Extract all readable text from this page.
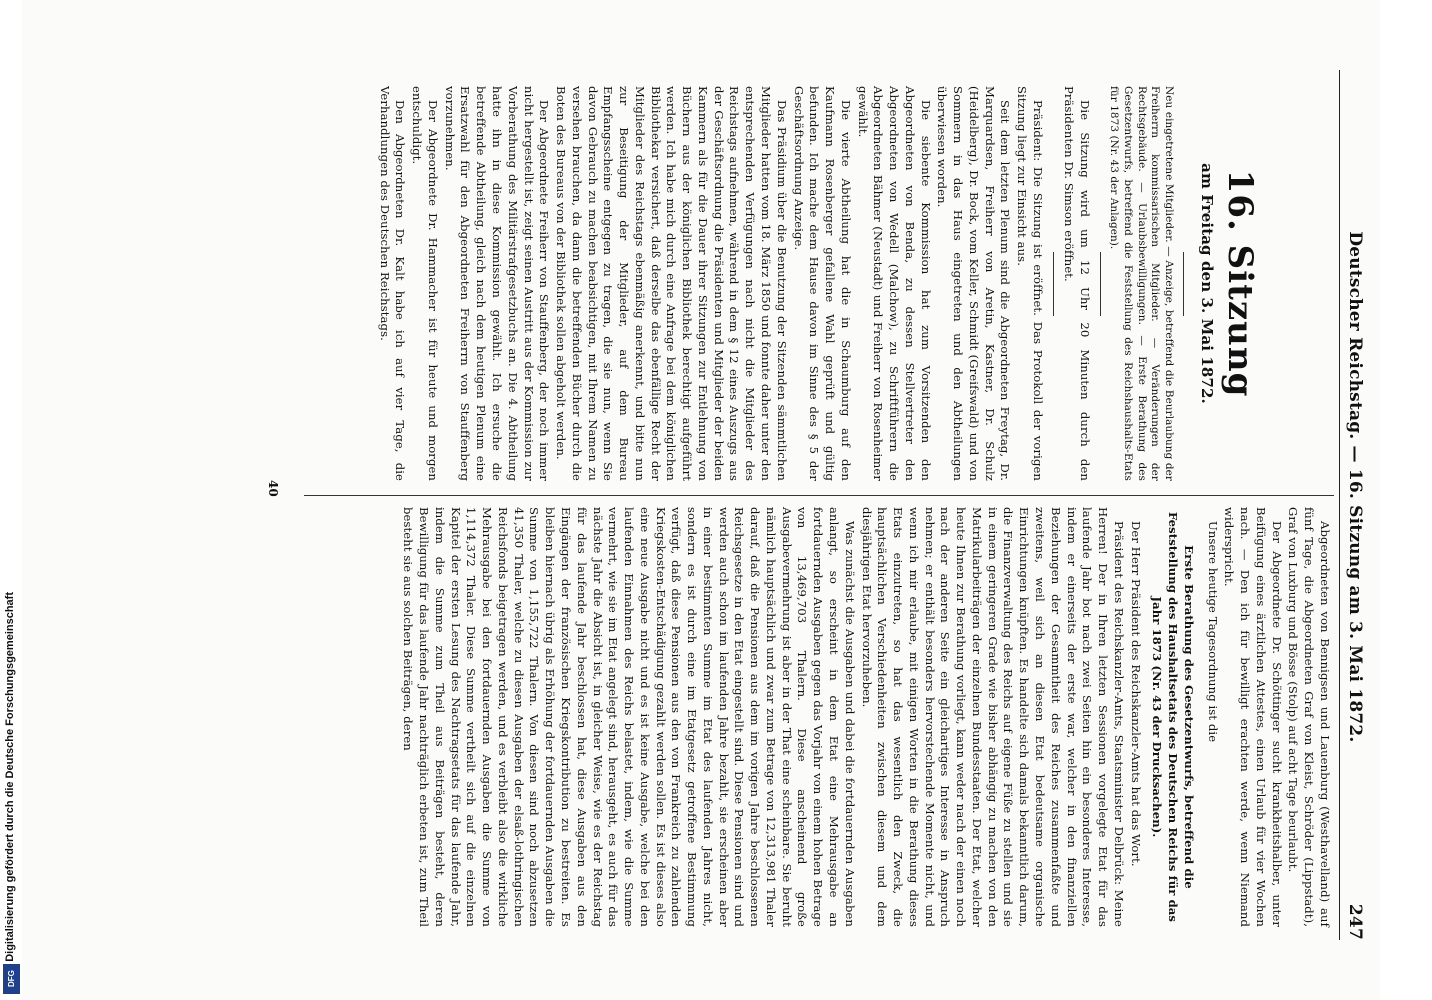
Deutscher Reichstag. — 16. Sitzung am 3. Mai 1872.
247
16. Sitzung
am Freitag den 3. Mai 1872.

Neu eingetretene Mitglieder. — Anzeige, betreffend die Beurlaubung der Freiherrn kommissarischen Mitglieder. — Veränderungen der Rechtsgebäude. — Urlaubsbewilligungen. — Erste Berathung des Gesetzentwurfs, betreffend die Feststellung des Reichshaushalts-Etats für 1873 (Nr. 43 der Anlagen).

Die Sitzung wird um 12 Uhr 20 Minuten durch den Präsidenten Dr. Simson eröffnet.

Präsident: Die Sitzung ist eröffnet. Das Protokoll der vorigen Sitzung liegt zur Einsicht aus.

Seit dem letzten Plenum sind die Abgeordneten Freytag, Dr. Marquardsen, Freiherr von Aretin, Kastner, Dr. Schulz (Heidelberg), Dr. Bock, vom Keller, Schmidt (Greifswald) und von Sommern in das Haus eingetreten und den Abtheilungen überwiesen worden.

Die siebente Kommission hat zum Vorsitzenden den Abgeordneten von Benda, zu dessen Stellvertreter den Abgeordneten von Wedell (Malchow), zu Schriftführern die Abgeordneten Bähmer (Neustadt) und Freiherr von Rosenheimer gewählt.

Die vierte Abtheilung hat die in Schaumburg auf den Kaufmann Rosenberger gefallene Wahl geprüft und gültig befunden. Ich mache dem Hause davon im Sinne des § 5 der Geschäftsordnung Anzeige.

Das Präsidium über die Benutzung der Sitzenden sämmtlichen Mitglieder hatten vom 18. März 1850 und fonnte daher unter den entsprechenden Verfügungen nach nicht die Mitglieder des Reichstags aufnehmen, während in dem § 12 eines Auszugs aus der Geschäftsordnung die Präsidenten und Mitglieder der beiden Kammern als für die Dauer ihrer Sitzungen zur Entlehnung von Büchern aus der königlichen Bibliothek berechtigt aufgeführt werden. Ich habe mich durch eine Anfrage bei dem königlichen Bibliothekar versichert, daß derselbe das ebenfällige Recht der Mitglieder des Reichstags ebenmäßig anerkennt, und bitte nun zur Beseitigung der Mitglieder, auf dem Bureau Empfangsscheine entgegen zu tragen, die sie nun, wenn Sie davon Gebrauch zu machen beabsichtigen, mit Ihrem Namen zu versehen brauchen, da dann die betreffenden Bücher durch die Boten des Bureaus von der Bibliothek sollen abgeholt werden.

Der Abgeordnete Freiherr von Stauffenberg, der noch immer nicht hergestellt ist, zeigt seinen Austritt aus der Kommission zur Vorberathung des Militärstrafgesetzbuchs an. Die 4. Abtheilung hatte ihn in diese Kommission gewählt. Ich ersuche die betreffende Abtheilung, gleich nach dem heutigen Plenum eine Ersatzwahl für den Abgeordneten Freiherrn von Stauffenberg vorzunehmen.

Der Abgeordnete Dr. Hammacher ist für heute und morgen entschuldigt.

Den Abgeordneten Dr. Kalt habe ich auf vier Tage, die Verhandlungen des Deutschen Reichstags.

Abgeordneten von Bennigsen und Lauenburg (Westhavelland) auf fünf Tage, die Abgeordneten Graf von Kleist, Schröder (Lippstadt), Graf von Luxburg und Bösse (Stolp) auf acht Tage beurlaubt.

Der Abgeordnete Dr. Schöttinger sucht krankheitshalber, unter Beifügung eines ärztlichen Attestes, einen Urlaub für vier Wochen nach. — Den ich für bewilligt erachten werde, wenn Niemand widerspricht.

Unsere heutige Tagesordnung ist die

Erste Berathung des Gesetzentwurfs, betreffend die Feststellung des Haushaltsetats des Deutschen Reichs für das Jahr 1873 (Nr. 43 der Drucksachen).

Der Herr Präsident des Reichskanzler-Amts hat das Wort.

Präsident des Reichskanzler-Amts, Staatsminister Delbrück: Meine Herren! Der in Ihren letzten Sessionen vorgelegte Etat für das laufende Jahr bot nach zwei Seiten hin ein besonderes Interesse, indem er einerseits der erste war, welcher in den finanziellen Beziehungen der Gesammtheit des Reiches zusammenfaßte und zweitens, weil sich an diesen Etat bedeutsame organische Einrichtungen knüpften. Es handelte sich damals bekanntlich darum, die Finanzverwaltung des Reichs auf eigene Füße zu stellen und sie in einem geringeren Grade wie bisher abhängig zu machen von den Matrikularbeiträgen der einzelnen Bundesstaaten. Der Etat, welcher heute Ihnen zur Berathung vorliegt, kann weder nach der einen noch nach der anderen Seite ein gleichartiges Interesse in Anspruch nehmen; er enthält besonders hervorstechende Momente nicht, und wenn ich mir erlaube, mit einigen Worten in die Berathung dieses Etats einzutreten, so hat das wesentlich den Zweck, die hauptsächlichen Verschiedenheiten zwischen diesem und dem diesjährigen Etat hervorzuheben.

Was zunächst die Ausgaben und dabei die fortdauernden Ausgaben anlangt, so erscheint in dem Etat eine Mehrausgabe an fortdauernden Ausgaben gegen das Vorjahr von einem hohen Betrage von 13,469,703 Thalern. Diese anscheinend große Ausgabevermehrung ist aber in der That eine scheinbare. Sie beruht nämlich hauptsächlich und zwar zum Betrage von 12,313,981 Thaler darauf, daß die Pensionen aus dem im vorigen Jahre beschlossenen Reichsgesetze in den Etat eingestellt sind. Diese Pensionen sind und werden auch schon im laufenden Jahre bezahlt, sie erscheinen aber in einer bestimmten Summe im Etat des laufenden Jahres nicht, sondern es ist durch eine im Etatgesetz getroffene Bestimmung verfügt, daß diese Pensionen aus den von Frankreich zu zahlenden Kriegskosten-Entschädigung gezahlt werden sollen. Es ist dieses also eine neue Ausgabe nicht und es ist keine Ausgabe, welche bei den laufenden Einnahmen des Reichs belastet, indem, wie die Summe vermehrt, wie sie im Etat angelegt sind, herausgeht, es auch für das nächste Jahr die Absicht ist, in gleicher Weise, wie es der Reichstag für das laufende Jahr beschlossen hat, diese Ausgaben aus den Eingängen der französischen Kriegskontribution zu bestreiten. Es bleiben hiernach übrig als Erhöhung der fortdauernden Ausgaben die Summe von 1,155,722 Thalern. Von diesen sind noch abzusetzen 41,350 Thaler, welche zu diesen Ausgaben der elsaß-lothringischen Reichsfonds beigetragen werden, und es verbleibt also die wirkliche Mehrausgabe bei den fortdauernden Ausgaben die Summe von 1,114,372 Thaler. Diese Summe vertheilt sich auf die einzelnen Kapitel der ersten Lesung des Nachtragsetats für das laufende Jahr, indem die Summe zum Theil aus Beiträgen besteht, deren Bewilligung für das laufende Jahr nachträglich erbeten ist, zum Theil besteht sie aus solchen Beiträgen, deren

40
Digitalisierung gefördert durch die Deutsche Forschungsgemeinschaft
DFG
